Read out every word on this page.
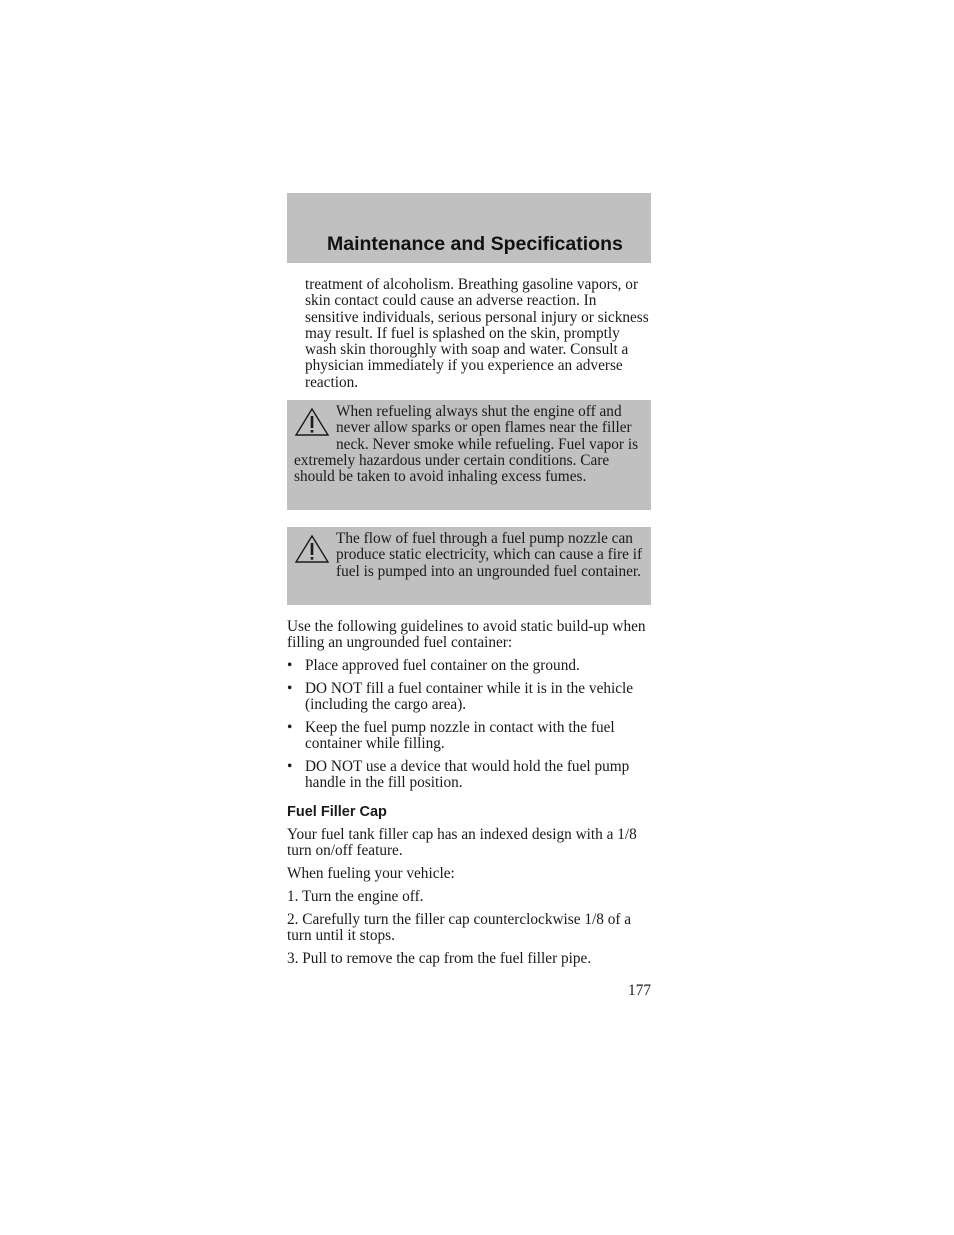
Maintenance and Specifications
treatment of alcoholism. Breathing gasoline vapors, or skin contact could cause an adverse reaction. In sensitive individuals, serious personal injury or sickness may result. If fuel is splashed on the skin, promptly wash skin thoroughly with soap and water. Consult a physician immediately if you experience an adverse reaction.

When refueling always shut the engine off and never allow sparks or open flames near the filler neck. Never smoke while refueling. Fuel vapor is extremely hazardous under certain conditions. Care should be taken to avoid inhaling excess fumes.

The flow of fuel through a fuel pump nozzle can produce static electricity, which can cause a fire if fuel is pumped into an ungrounded fuel container.

Use the following guidelines to avoid static build-up when filling an ungrounded fuel container:

• Place approved fuel container on the ground.
• DO NOT fill a fuel container while it is in the vehicle (including the cargo area).
• Keep the fuel pump nozzle in contact with the fuel container while filling.
• DO NOT use a device that would hold the fuel pump handle in the fill position.
Fuel Filler Cap

Your fuel tank filler cap has an indexed design with a 1/8 turn on/off feature.

When fueling your vehicle:

1. Turn the engine off.

2. Carefully turn the filler cap counterclockwise 1/8 of a turn until it stops.

3. Pull to remove the cap from the fuel filler pipe.

177
